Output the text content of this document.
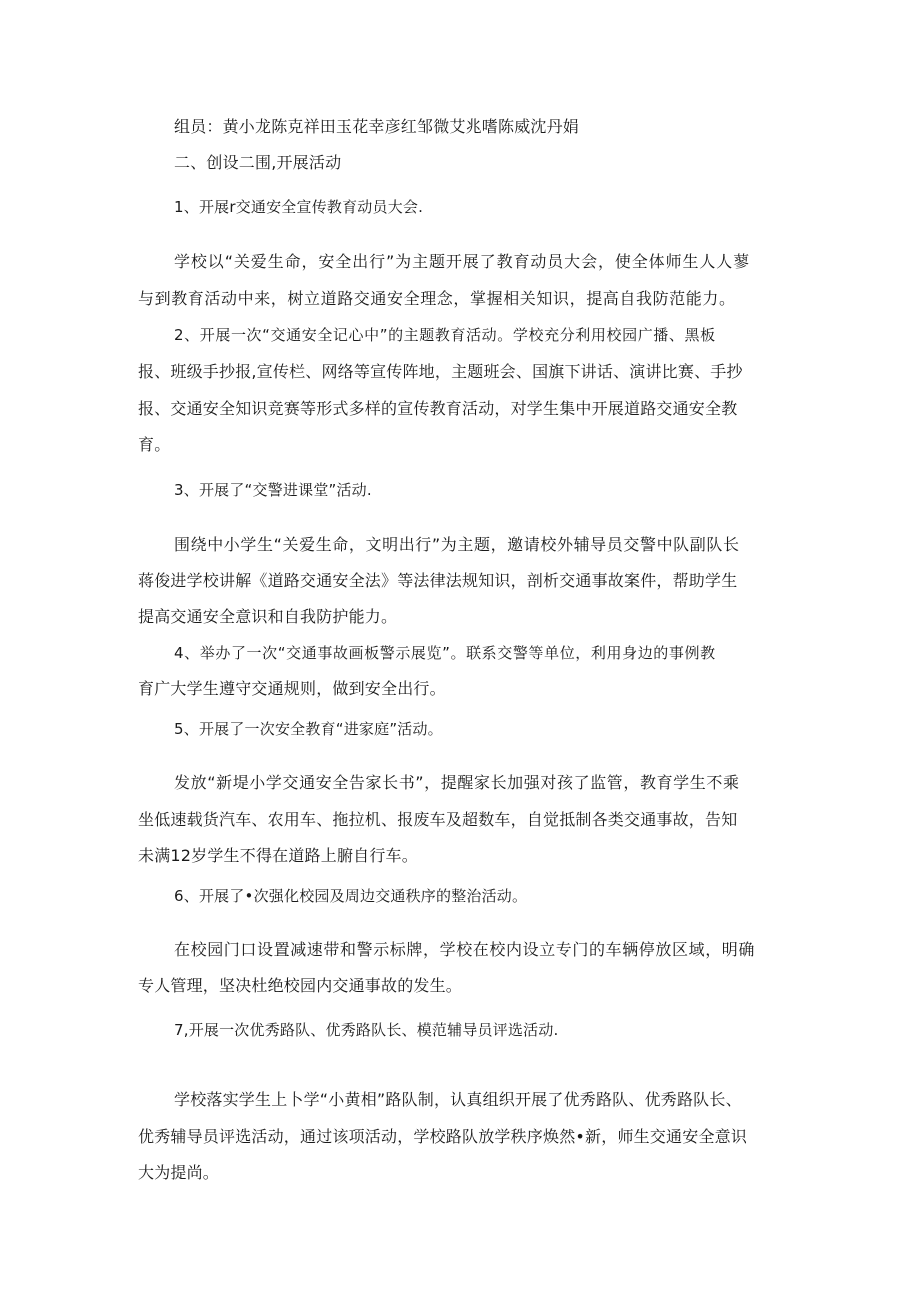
组员：黄小龙陈克祥田玉花幸彦红邹微艾兆嗜陈威沈丹娟
二、创设二围,开展活动
1、开展r交通安全宣传教育动员大会.
学校以“关爱生命，安全出行”为主题开展了教育动员大会，使全体师生人人蓼
与到教育活动中来，树立道路交通安全理念，掌握相关知识，提高自我防范能力。
2、开展一次“交通安全记心中”的主题教育活动。学校充分利用校园广播、黑板
报、班级手抄报,宣传栏、网络等宣传阵地，主题班会、国旗下讲话、演讲比赛、手抄
报、交通安全知识竞赛等形式多样的宣传教育活动，对学生集中开展道路交通安全教
育。
3、开展了“交警进课堂”活动.
围绕中小学生“关爱生命，文明出行”为主题，邀请校外辅导员交警中队副队长
蒋俊进学校讲解《道路交通安全法》等法律法规知识，剖析交通事故案件，帮助学生
提高交通安全意识和自我防护能力。
4、举办了一次“交通事故画板警示展览”。联系交警等单位，利用身边的事例教
育广大学生遵守交通规则，做到安全出行。
5、开展了一次安全教育“进家庭”活动。
发放“新堤小学交通安全告家长书”，提醒家长加强对孩了监管，教育学生不乘
坐低速载货汽车、农用车、拖拉机、报废车及超数车，自觉抵制各类交通事故，告知
未满12岁学生不得在道路上腑自行车。
6、开展了•次强化校园及周边交通秩序的整治活动。
在校园门口设置减速带和警示标牌，学校在校内设立专门的车辆停放区域，明确
专人管理，坚决杜绝校园内交通事故的发生。
7,开展一次优秀路队、优秀路队长、模范辅导员评选活动.
学校落实学生上卜学“小黄相”路队制，认真组织开展了优秀路队、优秀路队长、
优秀辅导员评选活动，通过该项活动，学校路队放学秩序焕然•新，师生交通安全意识
大为提尚。
